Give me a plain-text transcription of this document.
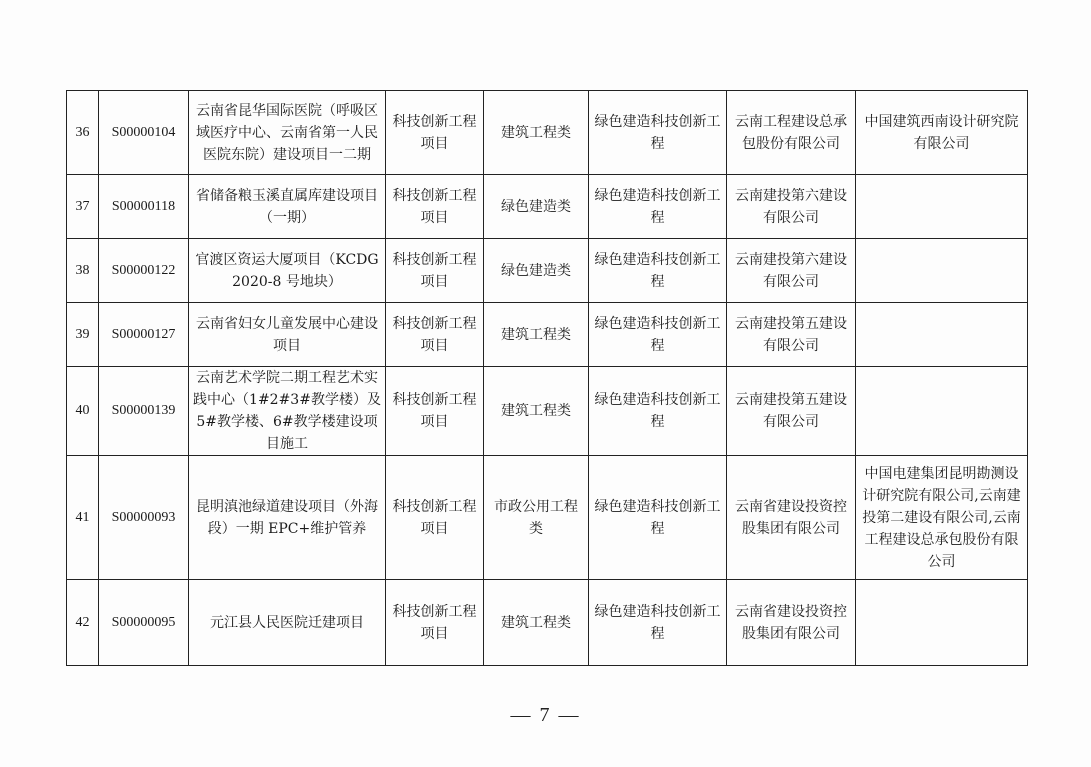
36	S00000104	云南省昆华国际医院（呼吸区域医疗中心、云南省第一人民医院东院）建设项目一二期	科技创新工程项目	建筑工程类	绿色建造科技创新工程	云南工程建设总承包股份有限公司	中国建筑西南设计研究院有限公司
37	S00000118	省储备粮玉溪直属库建设项目（一期）	科技创新工程项目	绿色建造类	绿色建造科技创新工程	云南建投第六建设有限公司	
38	S00000122	官渡区资运大厦项目（KCDG2020-8 号地块）	科技创新工程项目	绿色建造类	绿色建造科技创新工程	云南建投第六建设有限公司	
39	S00000127	云南省妇女儿童发展中心建设项目	科技创新工程项目	建筑工程类	绿色建造科技创新工程	云南建投第五建设有限公司	
40	S00000139	云南艺术学院二期工程艺术实践中心（1#2#3#教学楼）及 5#教学楼、6#教学楼建设项目施工	科技创新工程项目	建筑工程类	绿色建造科技创新工程	云南建投第五建设有限公司	
41	S00000093	昆明滇池绿道建设项目（外海段）一期 EPC+维护管养	科技创新工程项目	市政公用工程类	绿色建造科技创新工程	云南省建设投资控股集团有限公司	中国电建集团昆明勘测设计研究院有限公司,云南建投第二建设有限公司,云南工程建设总承包股份有限公司
42	S00000095	元江县人民医院迁建项目	科技创新工程项目	建筑工程类	绿色建造科技创新工程	云南省建设投资控股集团有限公司	
— 7 —
